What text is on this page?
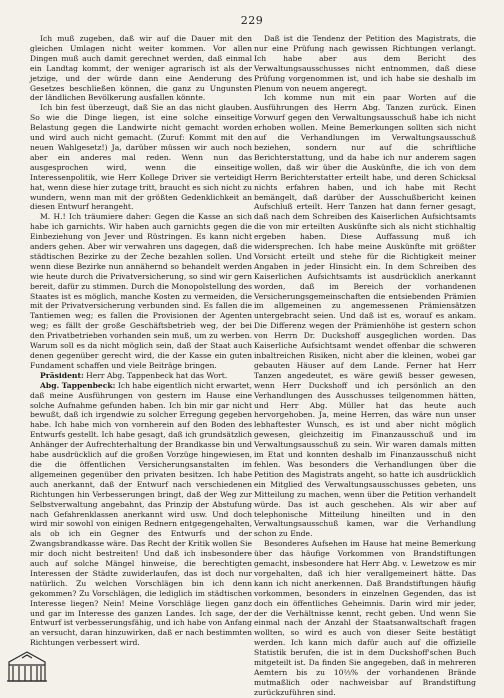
229

Ich muß zugeben, daß wir auf die Dauer mit den gleichen Umlagen nicht weiter kommen. Vor allen Dingen muß auch damit gerechnet werden, daß einmal ein Landtag kommt, der weniger agrarisch ist als der jetzige, und der würde dann eine Aenderung des Gesetzes beschließen können, die ganz zu Ungunsten der ländlichen Bevölkerung ausfallen könnte.

Ich bin fest überzeugt, daß Sie an das nicht glauben. So wie die Dinge liegen, ist eine solche einseitige Belastung gegen die Landwirte nicht gemacht worden und wird auch nicht gemacht. (Zuruf: Kommt mit den neuen Wahlgesetz!) Ja, darüber müssen wir auch noch aber ein anderes mal reden. Wenn nun das ausgesprochen wird, wenn die einseitige Interessenpolitik, wie Herr Kollege Driver sie verteidigt hat, wenn diese hier zutage tritt, braucht es sich nicht zu wundern, wenn man mit der größten Gedenklichkeit an diesen Entwurf herangeht.

M. H.! Ich träumiere daher: Gegen die Kasse an sich habe ich garnichts. Wir haben auch garnichts gegen die Einbeziehung von Jever und Rüstringen. Es kann nicht anders gehen. Aber wir verwahren uns dagegen, daß die städtischen Bezirke zu der Zeche bezahlen sollen. Und wenn diese Bezirke nun annähernd so behandelt werden wie heute durch die Privatversicherung, so sind wir gern bereit, dafür zu stimmen. Durch die Monopolstellung des Staates ist es möglich, manche Kosten zu vermeiden, die mit der Privatversicherung verbunden sind. Es fallen die Tantiemen weg; es fallen die Provisionen der Agenten weg; es fällt der große Geschäftsbetrieb weg, der bei den Privatbetrieben vorhanden sein muß, um zu werben. Warum soll es da nicht möglich sein, daß der Staat auch denen gegenüber gerecht wird, die der Kasse ein guten Fundament schaffen und viele Beiträge bringen.

Präsident: Herr Abg. Tappenbeck hat das Wort.

Abg. Tappenbeck: Ich habe eigentlich nicht erwartet, daß meine Ausführungen von gestern im Hause eine solche Aufnahme gefunden haben. Ich bin mir gar nicht bewußt, daß ich irgendwie zu solcher Erregung gegeben habe. Ich habe mich von vornherein auf den Boden des Entwurfs gestellt. Ich habe gesagt, daß ich grundsätzlich Anhänger der Aufrechterhaltung der Brandkasse bin und habe ausdrücklich auf die großen Vorzüge hingewiesen, die die öffentlichen Versicherungsanstalten im allgemeinen gegenüber den privaten besitzen. Ich habe auch anerkannt, daß der Entwurf nach verschiedenen Richtungen hin Verbesserungen bringt, daß der Weg zur Selbstverwaltung angebahnt, das Prinzip der Abstufung nach Gefahrenklassen anerkannt wird usw. Und doch wird mir sowohl von einigen Rednern entgegengehalten, als ob ich ein Gegner des Entwurfs und der Zwangsbrandkasse wäre. Das Recht der Kritik wollen Sie mir doch nicht bestreiten! Und daß ich insbesondere auch auf solche Mängel hinweise, die berechtigten Interessen der Städte zuwiderlaufen, das ist doch nur natürlich. Zu welchen Vorschlägen bin ich denn gekommen? Zu Vorschlägen, die lediglich im städtischen Interesse liegen? Nein! Meine Vorschläge liegen ganz und gar im Interesse des ganzen Landes. Ich sage, der Entwurf ist verbesserungsfähig, und ich habe von Anfang an versucht, daran hinzuwirken, daß er nach bestimmten Richtungen verbessert wird.

Daß ist die Tendenz der Petition des Magistrats, die nur eine Prüfung nach gewissen Richtungen verlangt. Ich habe aber aus dem Bericht des Verwaltungsausschusses nicht entnommen, daß diese Prüfung vorgenommen ist, und ich habe sie deshalb im Plenum von neuem angeregt.

Ich komme nun mit ein paar Worten auf die Ausführungen des Herrn Abg. Tanzen zurück. Einen Vorwurf gegen den Verwaltungsausschuß habe ich nicht erhoben wollen. Meine Bemerkungen sollten sich nicht auf die Verhandlungen im Verwaltungsausschuß beziehen, sondern nur auf die schriftliche Berichterstattung, und da habe ich nur anderem sagen wollen, daß wir über die Auskünfte, die ich von dem Herrn Berichterstatter erteilt habe, und deren Schicksal nichts erfahren haben, und ich habe mit Recht bemängelt, daß darüber der Ausschußbericht keinen Aufschluß erteilt. Herr Tanzen hat dann ferner gesagt, daß nach dem Schreiben des Kaiserlichen Aufsichtsamts die von mir erteilten Auskünfte sich als nicht stichhaltig ergeben haben. Diese Auffassung muß ich widersprechen. Ich habe meine Auskünfte mit größter Vorsicht erteilt und stehe für die Richtigkeit meiner Angaben in jeder Hinsicht ein. In dem Schreiben des Kaiserlichen Aufsichtsamts ist ausdrücklich anerkannt worden, daß im Bereich der vorhandenen Versicherungsgemeinschaften die entsiebenden Prämien im allgemeinen zu angemessenen Prämiensätzen untergebracht seien. Und daß ist es, worauf es ankam. Die Differenz wegen der Prämienhöhe ist gestern schon von Herrn Dr. Duckshoff ausgeglichen worden. Das Kaiserliche Aufsichtsamt wendet offenbar die schweren inbaltreichen Risiken, nicht aber die kleinen, wobei gar gebauten Häuser auf dem Lande. Ferner hat Herr Tanzen angedeutet, es wäre gewiß besser gewesen, wenn Herr Duckshoff und ich persönlich an den Verhandlungen des Ausschusses teilgenommen hätten, und Herr Abg. Müller hat das heute auch hervorgehoben. Ja, meine Herren, das wäre nun unser lebhaftester Wunsch, es ist und aber nicht möglich gewesen, gleichzeitig im Finanzausschuß und im Verwaltungsausschuß zu sein. Wir waren damals mitten im Etat und konnten deshalb im Finanzausschuß nicht fehlen. Was besonders die Verhandlungen über die Petition des Magistrats angeht, so hatte ich ausdrücklich ein Mitglied des Verwaltungsausschusses gebeten, uns Mitteilung zu machen, wenn über die Petition verhandelt würde. Das ist auch geschehen. Als wir aber auf telephonische Mitteilung hineilten und in den Verwaltungsausschuß kamen, war die Verhandlung schon zu Ende.

Besonderes Aufsehen im Hause hat meine Bemerkung über das häufige Vorkommen von Brandstiftungen gemacht, insbesondere hat Herr Abg. v. Lewetzow es mir vorgehalten, daß ich hier verallgemeinert hätte. Das kann ich nicht anerkennen. Daß Brandstiftungen häufig vorkommen, besonders in einzelnen Gegenden, das ist doch ein öffentliches Geheimnis. Darin wird mir jeder, der die Verhältnisse kennt, recht geben. Und wenn Sie einmal nach der Anzahl der Staatsanwaltschaft fragen wollten, so wird es auch von dieser Seite bestätigt werden. Ich kann mich dafür auch auf die offizielle Statistik berufen, die ist in dem Duckshoff'schen Buch mitgeteilt ist. Da finden Sie angegeben, daß in mehreren Aemtern bis zu 10⅔% der vorhandenen Brände mutmaßlich oder nachweisbar auf Brandstiftung zurückzuführen sind.
